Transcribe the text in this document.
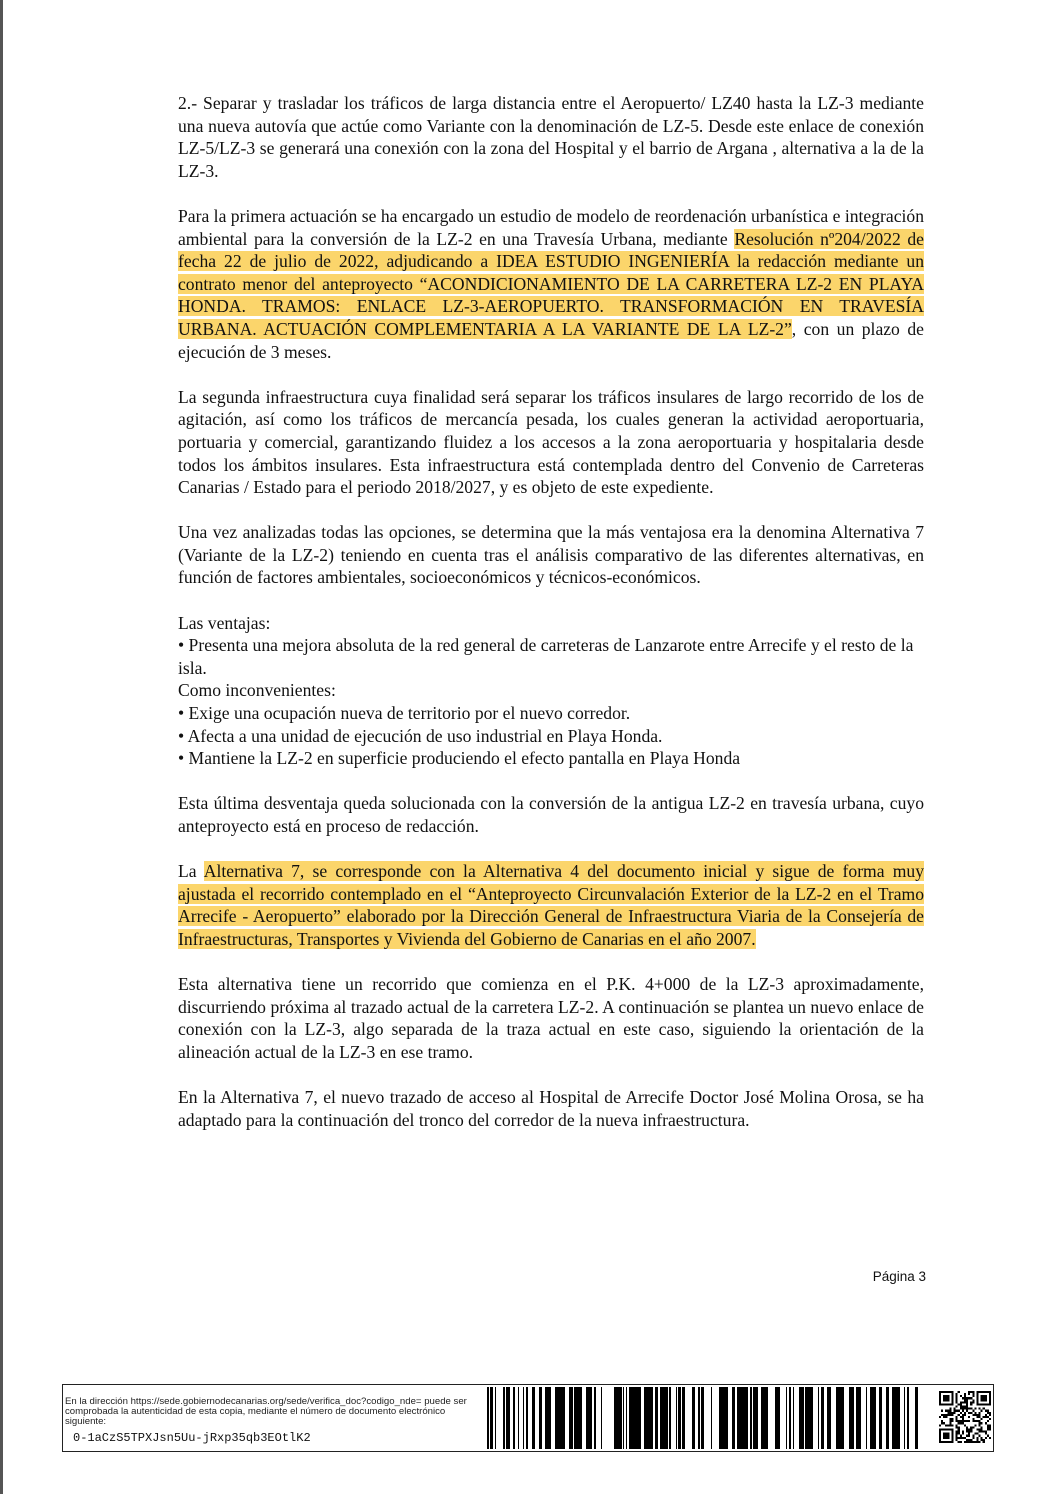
2.- Separar y trasladar los tráficos de larga distancia entre el Aeropuerto/ LZ40 hasta la LZ-3 mediante una nueva autovía que actúe como Variante con la denominación de LZ-5. Desde este enlace de conexión LZ-5/LZ-3 se generará una conexión con la zona del Hospital y el barrio de Argana , alternativa a la de la LZ-3.

Para la primera actuación se ha encargado un estudio de modelo de reordenación urbanística e integración ambiental para la conversión de la LZ-2 en una Travesía Urbana, mediante Resolución nº204/2022 de fecha 22 de julio de 2022, adjudicando a IDEA ESTUDIO INGENIERÍA la redacción mediante un contrato menor del anteproyecto “ACONDICIONAMIENTO DE LA CARRETERA LZ-2 EN PLAYA HONDA. TRAMOS: ENLACE LZ-3-AEROPUERTO. TRANSFORMACIÓN EN TRAVESÍA URBANA. ACTUACIÓN COMPLEMENTARIA A LA VARIANTE DE LA LZ-2”, con un plazo de ejecución de 3 meses.

La segunda infraestructura cuya finalidad será separar los tráficos insulares de largo recorrido de los de agitación, así como los tráficos de mercancía pesada, los cuales generan la actividad aeroportuaria, portuaria y comercial, garantizando fluidez a los accesos a la zona aeroportuaria y hospitalaria desde todos los ámbitos insulares. Esta infraestructura está contemplada dentro del Convenio de Carreteras Canarias / Estado para el periodo 2018/2027, y es objeto de este expediente.

Una vez analizadas todas las opciones, se determina que la más ventajosa era la denomina Alternativa 7 (Variante de la LZ-2) teniendo en cuenta tras el análisis comparativo de las diferentes alternativas, en función de factores ambientales, socioeconómicos y técnicos-económicos.

Las ventajas:
• Presenta una mejora absoluta de la red general de carreteras de Lanzarote entre Arrecife y el resto de la isla.
Como inconvenientes:
• Exige una ocupación nueva de territorio por el nuevo corredor.
• Afecta a una unidad de ejecución de uso industrial en Playa Honda.
• Mantiene la LZ-2 en superficie produciendo el efecto pantalla en Playa Honda

Esta última desventaja queda solucionada con la conversión de la antigua LZ-2 en travesía urbana, cuyo anteproyecto está en proceso de redacción.

La Alternativa 7, se corresponde con la Alternativa 4 del documento inicial y sigue de forma muy ajustada el recorrido contemplado en el “Anteproyecto Circunvalación Exterior de la LZ-2 en el Tramo Arrecife - Aeropuerto” elaborado por la Dirección General de Infraestructura Viaria de la Consejería de Infraestructuras, Transportes y Vivienda del Gobierno de Canarias en el año 2007.

Esta alternativa tiene un recorrido que comienza en el P.K. 4+000 de la LZ-3 aproximadamente, discurriendo próxima al trazado actual de la carretera LZ-2. A continuación se plantea un nuevo enlace de conexión con la LZ-3, algo separada de la traza actual en este caso, siguiendo la orientación de la alineación actual de la LZ-3 en ese tramo.

En la Alternativa 7, el nuevo trazado de acceso al Hospital de Arrecife Doctor José Molina Orosa, se ha adaptado para la continuación del tronco del corredor de la nueva infraestructura.

Página 3
En la dirección https://sede.gobiernodecanarias.org/sede/verifica_doc?codigo_nde= puede ser comprobada la autenticidad de esta copia, mediante el número de documento electrónico siguiente:
0-1aCzS5TPXJsn5Uu-jRxp35qb3EOtlK2
